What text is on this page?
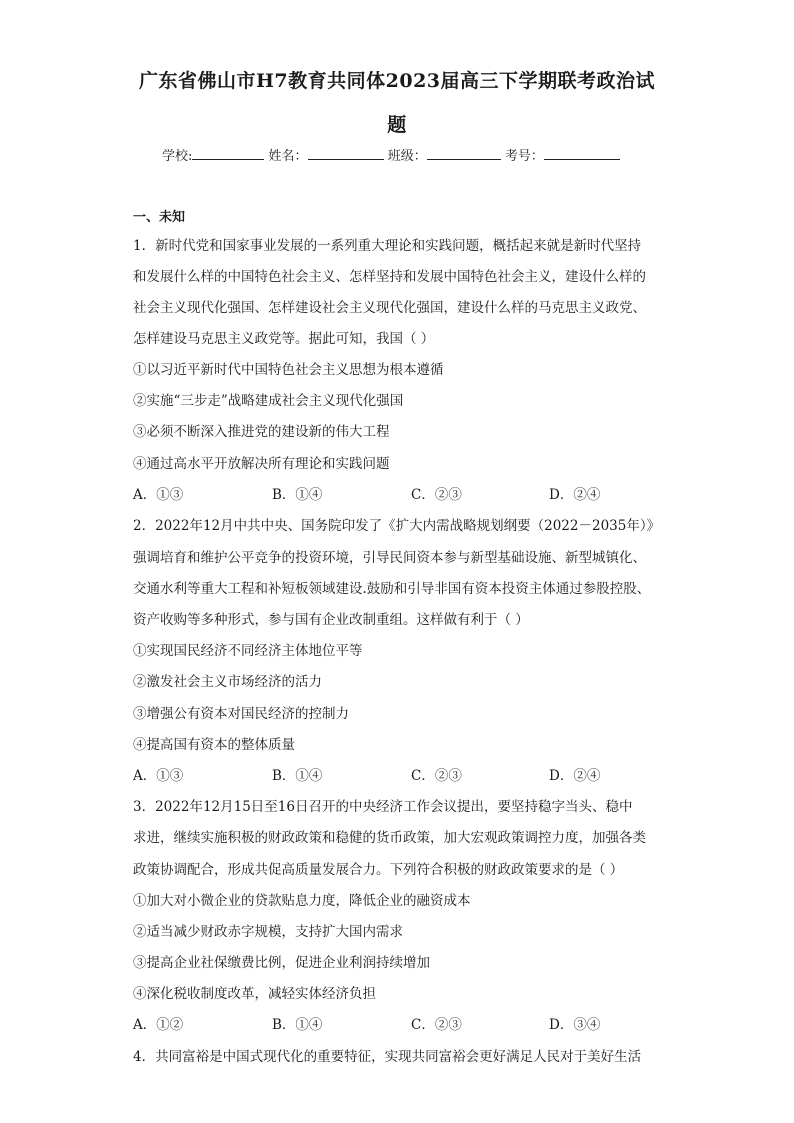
广东省佛山市H7教育共同体2023届高三下学期联考政治试
题
学校:	姓名：	班级：	考号：
一、未知
1．新时代党和国家事业发展的一系列重大理论和实践问题，概括起来就是新时代坚持
和发展什么样的中国特色社会主义、怎样坚持和发展中国特色社会主义，建设什么样的
社会主义现代化强国、怎样建设社会主义现代化强国，建设什么样的马克思主义政党、
怎样建设马克思主义政党等。据此可知，我国（ ）
①以习近平新时代中国特色社会主义思想为根本遵循
②实施“三步走”战略建成社会主义现代化强国
③必须不断深入推进党的建设新的伟大工程
④通过高水平开放解决所有理论和实践问题
A．①③	B．①④	C．②③	D．②④
2．2022年12月中共中央、国务院印发了《扩大内需战略规划纲要（2022－2035年）》
强调培育和维护公平竞争的投资环境，引导民间资本参与新型基础设施、新型城镇化、
交通水利等重大工程和补短板领域建设.鼓励和引导非国有资本投资主体通过参股控股、
资产收购等多种形式，参与国有企业改制重组。这样做有利于（ ）
①实现国民经济不同经济主体地位平等
②激发社会主义市场经济的活力
③增强公有资本对国民经济的控制力
④提高国有资本的整体质量
A．①③	B．①④	C．②③	D．②④
3．2022年12月15日至16日召开的中央经济工作会议提出，要坚持稳字当头、稳中
求进，继续实施积极的财政政策和稳健的货币政策，加大宏观政策调控力度，加强各类
政策协调配合，形成共促高质量发展合力。下列符合积极的财政政策要求的是（ ）
①加大对小微企业的贷款贴息力度，降低企业的融资成本
②适当减少财政赤字规模，支持扩大国内需求
③提高企业社保缴费比例，促进企业利润持续增加
④深化税收制度改革，减轻实体经济负担
A．①②	B．①④	C．②③	D．③④
4．共同富裕是中国式现代化的重要特征，实现共同富裕会更好满足人民对于美好生活
